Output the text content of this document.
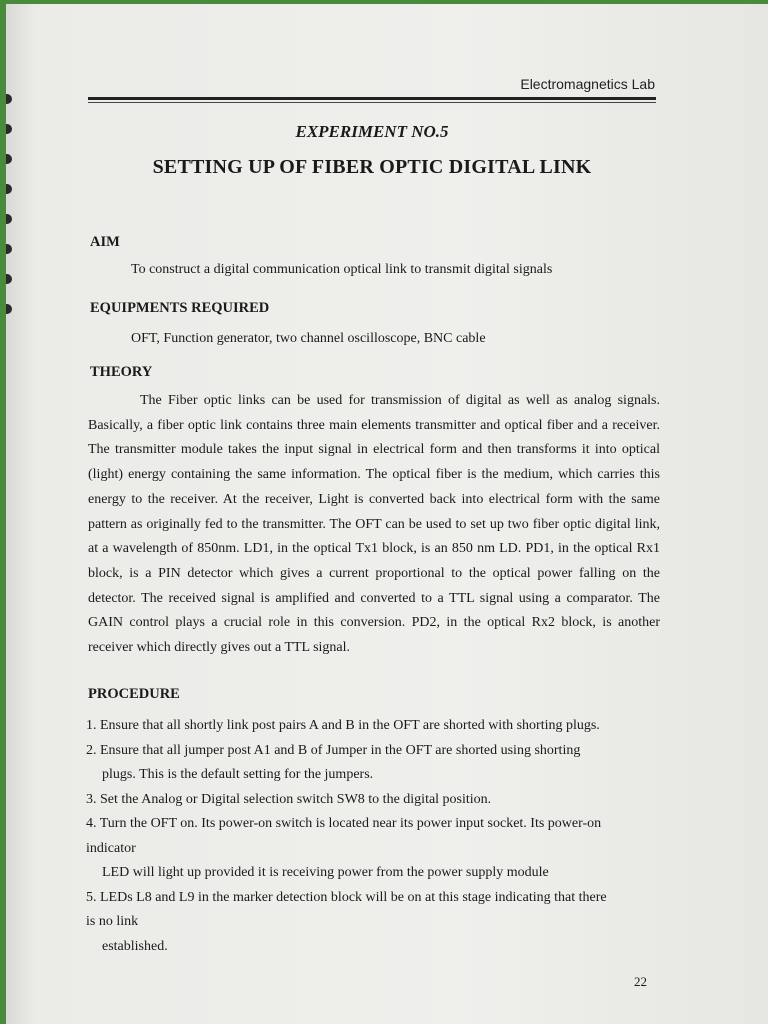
Electromagnetics Lab
EXPERIMENT NO.5
SETTING UP OF FIBER OPTIC DIGITAL LINK
AIM
To construct a digital communication optical link to transmit digital signals
EQUIPMENTS REQUIRED
OFT, Function generator, two channel oscilloscope, BNC cable
THEORY
The Fiber optic links can be used for transmission of digital as well as analog signals. Basically, a fiber optic link contains three main elements transmitter and optical fiber and a receiver. The transmitter module takes the input signal in electrical form and then transforms it into optical (light) energy containing the same information. The optical fiber is the medium, which carries this energy to the receiver. At the receiver, Light is converted back into electrical form with the same pattern as originally fed to the transmitter. The OFT can be used to set up two fiber optic digital link, at a wavelength of 850nm. LD1, in the optical Tx1 block, is an 850 nm LD. PD1, in the optical Rx1 block, is a PIN detector which gives a current proportional to the optical power falling on the detector. The received signal is amplified and converted to a TTL signal using a comparator. The GAIN control plays a crucial role in this conversion. PD2, in the optical Rx2 block, is another receiver which directly gives out a TTL signal.
PROCEDURE
1. Ensure that all shortly link post pairs A and B in the OFT are shorted with shorting plugs.
2. Ensure that all jumper post A1 and B of Jumper in the OFT are shorted using shorting
plugs. This is the default setting for the jumpers.
3. Set the Analog or Digital selection switch SW8 to the digital position.
4. Turn the OFT on. Its power-on switch is located near its power input socket. Its power-on
indicator
LED will light up provided it is receiving power from the power supply module
5. LEDs L8 and L9 in the marker detection block will be on at this stage indicating that there
is no link
established.
22
